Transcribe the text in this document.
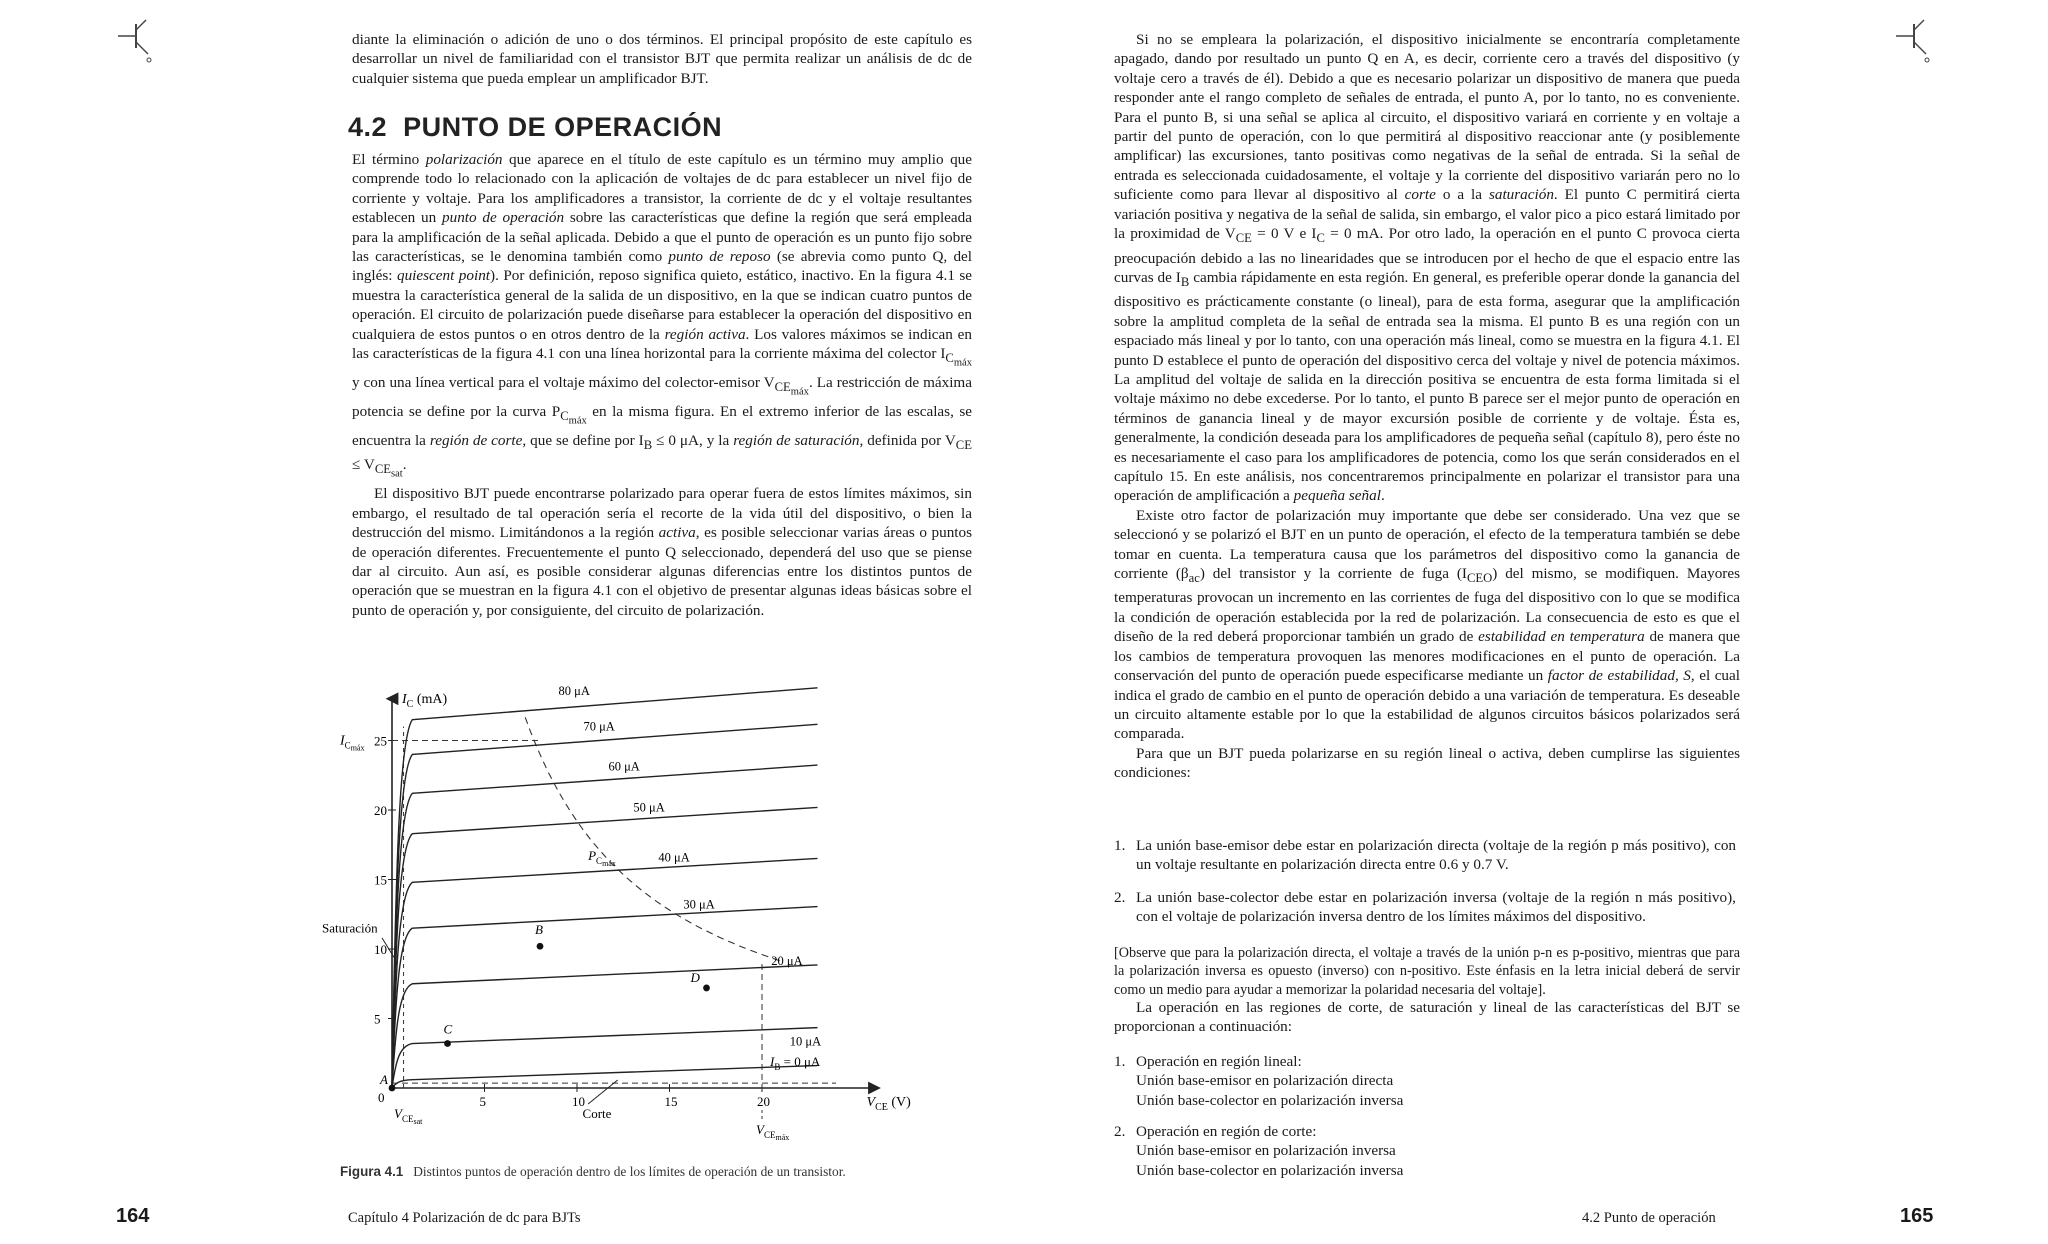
diante la eliminación o adición de uno o dos términos. El principal propósito de este capítulo es desarrollar un nivel de familiaridad con el transistor BJT que permita realizar un análisis de dc de cualquier sistema que pueda emplear un amplificador BJT.

4.2 PUNTO DE OPERACIÓN

El término polarización que aparece en el título de este capítulo es un término muy amplio que comprende todo lo relacionado con la aplicación de voltajes de dc para establecer un nivel fijo de corriente y voltaje. Para los amplificadores a transistor, la corriente de dc y el voltaje resultantes establecen un punto de operación sobre las características que define la región que será empleada para la amplificación de la señal aplicada. Debido a que el punto de operación es un punto fijo sobre las características, se le denomina también como punto de reposo (se abrevia como punto Q, del inglés: quiescent point). Por definición, reposo significa quieto, estático, inactivo. En la figura 4.1 se muestra la característica general de la salida de un dispositivo, en la que se indican cuatro puntos de operación. El circuito de polarización puede diseñarse para establecer la operación del dispositivo en cualquiera de estos puntos o en otros dentro de la región activa. Los valores máximos se indican en las características de la figura 4.1 con una línea horizontal para la corriente máxima del colector $I_{C_{máx}}$ y con una línea vertical para el voltaje máximo del colector-emisor $V_{CE_{máx}}$. La restricción de máxima potencia se define por la curva $P_{C_{máx}}$ en la misma figura. En el extremo inferior de las escalas, se encuentra la región de corte, que se define por $I_B \le 0$ μA, y la región de saturación, definida por $V_{CE} \le V_{CE_{sat}}$.

El dispositivo BJT puede encontrarse polarizado para operar fuera de estos límites máximos, sin embargo, el resultado de tal operación sería el recorte de la vida útil del dispositivo, o bien la destrucción del mismo. Limitándonos a la región activa, es posible seleccionar varias áreas o puntos de operación diferentes. Frecuentemente el punto Q seleccionado, dependerá del uso que se piense dar al circuito. Aun así, es posible considerar algunas diferencias entre los distintos puntos de operación que se muestran en la figura 4.1 con el objetivo de presentar algunas ideas básicas sobre el punto de operación y, por consiguiente, del circuito de polarización.

5	10	15	20
5
10
15
20
25
10 μA
20 μA
30 μA
40 μA
50 μA
60 μA
70 μA
80 μA
A
B
C
D
$I_C$ (mA)
$V_{CE}$ (V)
Saturación
Corte
$I_Cmáx$
$P_Cmáx$
$V_{CE}sat$
$V_{CE}máx$
$I_B = 0$ μA
0
Figura 4.1 Distintos puntos de operación dentro de los límites de operación de un transistor.
164	Capítulo 4 Polarización de dc para BJTs

Si no se empleara la polarización, el dispositivo inicialmente se encontraría completamente apagado, dando por resultado un punto Q en A, es decir, corriente cero a través del dispositivo (y voltaje cero a través de él). Debido a que es necesario polarizar un dispositivo de manera que pueda responder ante el rango completo de señales de entrada, el punto A, por lo tanto, no es conveniente. Para el punto B, si una señal se aplica al circuito, el dispositivo variará en corriente y en voltaje a partir del punto de operación, con lo que permitirá al dispositivo reaccionar ante (y posiblemente amplificar) las excursiones, tanto positivas como negativas de la señal de entrada. Si la señal de entrada es seleccionada cuidadosamente, el voltaje y la corriente del dispositivo variarán pero no lo suficiente como para llevar al dispositivo al corte o a la saturación. El punto C permitirá cierta variación positiva y negativa de la señal de salida, sin embargo, el valor pico a pico estará limitado por la proximidad de $V_{CE} = 0$ V e $I_C = 0$ mA. Por otro lado, la operación en el punto C provoca cierta preocupación debido a las no linearidades que se introducen por el hecho de que el espacio entre las curvas de $I_B$ cambia rápidamente en esta región. En general, es preferible operar donde la ganancia del dispositivo es prácticamente constante (o lineal), para de esta forma, asegurar que la amplificación sobre la amplitud completa de la señal de entrada sea la misma. El punto B es una región con un espaciado más lineal y por lo tanto, con una operación más lineal, como se muestra en la figura 4.1. El punto D establece el punto de operación del dispositivo cerca del voltaje y nivel de potencia máximos. La amplitud del voltaje de salida en la dirección positiva se encuentra de esta forma limitada si el voltaje máximo no debe excederse. Por lo tanto, el punto B parece ser el mejor punto de operación en términos de ganancia lineal y de mayor excursión posible de corriente y de voltaje. Ésta es, generalmente, la condición deseada para los amplificadores de pequeña señal (capítulo 8), pero éste no es necesariamente el caso para los amplificadores de potencia, como los que serán considerados en el capítulo 15. En este análisis, nos concentraremos principalmente en polarizar el transistor para una operación de amplificación a pequeña señal.

Existe otro factor de polarización muy importante que debe ser considerado. Una vez que se seleccionó y se polarizó el BJT en un punto de operación, el efecto de la temperatura también se debe tomar en cuenta. La temperatura causa que los parámetros del dispositivo como la ganancia de corriente $(\beta_{ac})$ del transistor y la corriente de fuga $(I_{CEO})$ del mismo, se modifiquen. Mayores temperaturas provocan un incremento en las corrientes de fuga del dispositivo con lo que se modifica la condición de operación establecida por la red de polarización. La consecuencia de esto es que el diseño de la red deberá proporcionar también un grado de estabilidad en temperatura de manera que los cambios de temperatura provoquen las menores modificaciones en el punto de operación. La conservación del punto de operación puede especificarse mediante un factor de estabilidad, S, el cual indica el grado de cambio en el punto de operación debido a una variación de temperatura. Es deseable un circuito altamente estable por lo que la estabilidad de algunos circuitos básicos polarizados será comparada.

Para que un BJT pueda polarizarse en su región lineal o activa, deben cumplirse las siguientes condiciones:

1. La unión base-emisor debe estar en polarización directa (voltaje de la región p más positivo), con un voltaje resultante en polarización directa entre 0.6 y 0.7 V.
2. La unión base-colector debe estar en polarización inversa (voltaje de la región n más positivo), con el voltaje de polarización inversa dentro de los límites máximos del dispositivo.

[Observe que para la polarización directa, el voltaje a través de la unión p-n es p-positivo, mientras que para la polarización inversa es opuesto (inverso) con n-positivo. Este énfasis en la letra inicial deberá de servir como un medio para ayudar a memorizar la polaridad necesaria del voltaje].

La operación en las regiones de corte, de saturación y lineal de las características del BJT se proporcionan a continuación:

1. Operación en región lineal:
Unión base-emisor en polarización directa
Unión base-colector en polarización inversa
2. Operación en región de corte:
Unión base-emisor en polarización inversa
Unión base-colector en polarización inversa
4.2 Punto de operación	165
